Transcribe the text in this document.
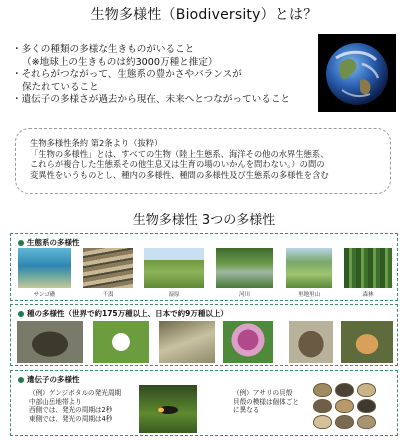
生物多様性（Biodiversity）とは？
・多くの種類の多様な生きものがいること
（※地球上の生きものは約3000万種と推定）
・それらがつながって、生態系の豊かさやバランスが
保たれていること
・遺伝子の多様さが過去から現在、未来へとつながっていること
生物多様性条約 第2条より（抜粋）
「生物の多様性」とは、すべての生物（陸上生態系、海洋その他の水界生態系、
これらが複合した生態系その他生息又は生育の場のいかんを問わない。）の間の
変異性をいうものとし、種内の多様性、種間の多様性及び生態系の多様性を含む
生物多様性 3つの多様性
生態系の多様性
サンゴ礁	干潟	湿原	河川	里地里山	森林
種の多様性（世界で約175万種以上、日本で約9万種以上）
遺伝子の多様性
（例）ゲンジボタルの発光周期
中部山岳地帯より
西側では、発光の周期は2秒
東側では、発光の周期は4秒
（例）アサリの貝殻
貝殻の模様は個体ごと
に異なる
